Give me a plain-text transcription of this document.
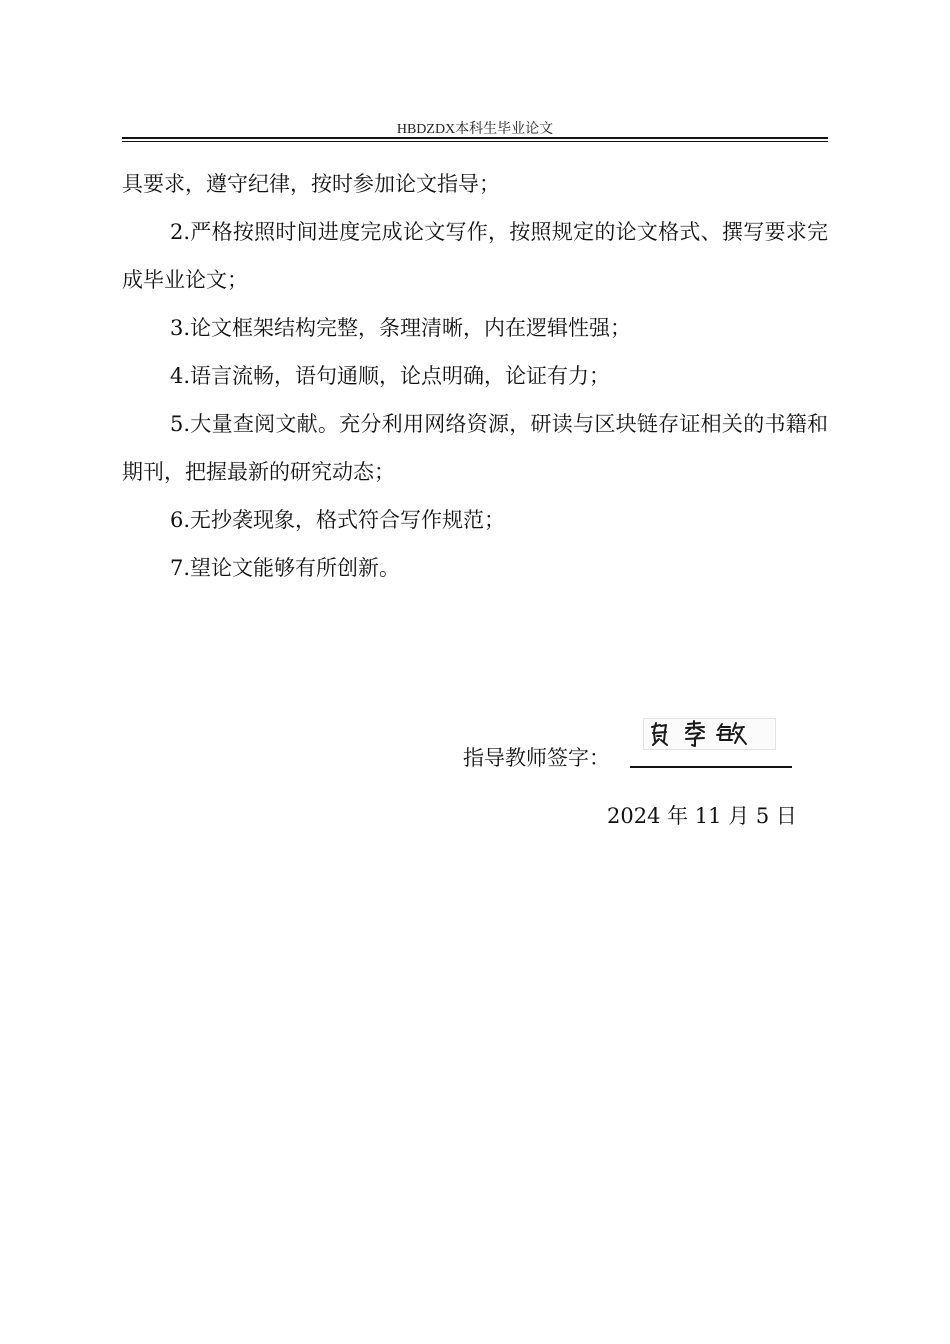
HBDZDX本科生毕业论文

具要求，遵守纪律，按时参加论文指导；

2.严格按照时间进度完成论文写作，按照规定的论文格式、撰写要求完成毕业论文；

3.论文框架结构完整，条理清晰，内在逻辑性强；

4.语言流畅，语句通顺，论点明确，论证有力；

5.大量查阅文献。充分利用网络资源，研读与区块链存证相关的书籍和期刊，把握最新的研究动态；

6.无抄袭现象，格式符合写作规范；

7.望论文能够有所创新。

指导教师签字：
2024 年 11 月 5 日
